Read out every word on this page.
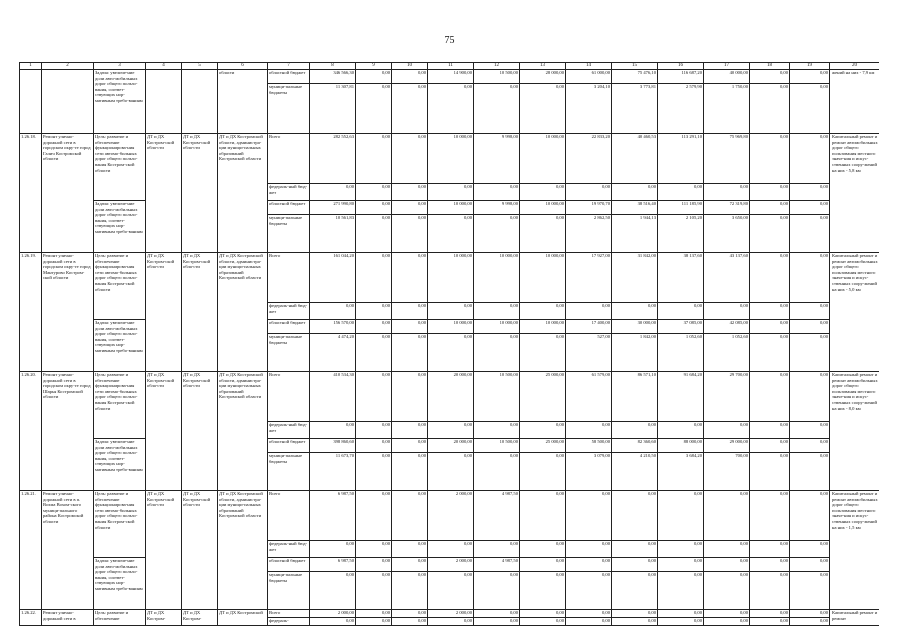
75
1	2	3	4	5	6	7	8	9	10	11	12	13	14	15	16	17	18	19	20
		Задача: увеличе-ние доли авто-мобильных дорог общего пользо-вания, соответ-ствующих нор-мативным требо-ваниям			области	областной бюджет	346 566,30	0,00	0,00	14 900,00	10 500,00	28 000,00	61 000,00	75 476,10	116 687,20	40 000,00	0,00	0,00	жений на них - 7,9 км
						муници-пальные бюджеты	11 307,81	0,00	0,00	0,00	0,00	0,00	3 204,10	3 773,81	2 579,90	1 750,00	0,00	0,00	
1.26.18.	Ремонт улично-дорожной сети в городском окру-ге город Галич Костромской области	Цель: развитие и обеспечение функционирова-ния сети автомо-бильных дорог общего пользо-вания Костром-ской области	ДТ и ДХ Костром-ской обла-сти	ДТ и ДХ Костром-ской обла-сти	ДТ и ДХ Костромской области, администра-ции муници-пальных образований Костромской области	Всего	282 552,63	0,00	0,00	10 000,00	9 998,00	10 000,00	22 833,20	40 460,53	113 291,10	75 969,80	0,00	0,00	Капитальный ремонт и ремонт автомобильных дорог общего пользования местного значе-ния и искус-ственных соору-жений на них - 5,8 км
						федераль-ный бюд-жет	0,00	0,00	0,00	0,00	0,00	0,00	0,00	0,00	0,00	0,00	0,00	0,00	
		Задача: увеличе-ние доли авто-мобильных дорог общего пользо-вания, соответ-ствующих нор-мативным требо-ваниям				областной бюджет	271 990,80	0,00	0,00	10 000,00	9 998,00	10 000,00	19 970,70	38 516,40	111 185,90	72 319,80	0,00	0,00	
						муници-пальные бюджеты	10 561,83	0,00	0,00	0,00	0,00	0,00	2 862,50	1 944,13	2 105,20	3 650,00	0,00	0,00	
1.26.19.	Ремонт улично-дорожной сети в городском окру-ге город Мантурово Костром-ской области	Цель: развитие и обеспечение функционирова-ния сети автомо-бильных дорог общего пользо-вания Костром-ской области	ДТ и ДХ Костром-ской обла-сти	ДТ и ДХ Костром-ской обла-сти	ДТ и ДХ Костромской области, администра-ции муници-пальных образований Костромской области	Всего	161 044,20	0,00	0,00	10 000,00	10 000,00	10 000,00	17 927,00	31 842,00	38 137,60	43 137,60	0,00	0,00	Капитальный ремонт и ремонт автомобильных дорог общего пользования местного значе-ния и искус-ственных соору-жений на них - 5,0 км
						федераль-ный бюд-жет	0,00	0,00	0,00	0,00	0,00	0,00	0,00	0,00	0,00	0,00	0,00	0,00	
		Задача: увеличе-ние доли авто-мобильных дорог общего пользо-вания, соответ-ствующих нор-мативным требо-ваниям				областной бюджет	156 570,00	0,00	0,00	10 000,00	10 000,00	10 000,00	17 400,00	30 000,00	37 085,00	42 085,00	0,00	0,00	
						муници-пальные бюджеты	4 474,20	0,00	0,00	0,00	0,00	0,00	527,00	1 842,00	1 052,60	1 052,60	0,00	0,00	
1.26.20.	Ремонт улично-дорожной сети в городском окру-ге город Шарья Костромской области	Цель: развитие и обеспечение функционирова-ния сети автомо-бильных дорог общего пользо-вания Костром-ской области	ДТ и ДХ Костром-ской обла-сти	ДТ и ДХ Костром-ской обла-сти	ДТ и ДХ Костромской области, администра-ции муници-пальных образований Костромской области	Всего	410 534,30	0,00	0,00	20 000,00	10 500,00	25 000,00	61 579,00	86 571,10	91 684,20	29 700,00	0,00	0,00	Капитальный ремонт и ремонт автомобильных дорог общего пользования местного значе-ния и искус-ственных соору-жений на них - 8,0 км
						федераль-ный бюд-жет	0,00	0,00	0,00	0,00	0,00	0,00	0,00	0,00	0,00	0,00	0,00	0,00	
		Задача: увеличе-ние доли авто-мобильных дорог общего пользо-вания, соответ-ствующих нор-мативным требо-ваниям				областной бюджет	398 860,60	0,00	0,00	20 000,00	10 500,00	25 000,00	58 500,00	82 360,60	88 000,00	29 000,00	0,00	0,00	
						муници-пальные бюджеты	11 673,70	0,00	0,00	0,00	0,00	0,00	3 079,00	4 210,50	3 684,20	700,00	0,00	0,00	
1.26.21.	Ремонт улично-дорожной сети в п. Вохма Вохом-ского муници-пального района Костромской области	Цель: развитие и обеспечение функционирова-ния сети автомо-бильных дорог общего пользо-вания Костром-ской области	ДТ и ДХ Костром-ской обла-сти	ДТ и ДХ Костром-ской обла-сти	ДТ и ДХ Костромской области, администра-ции муници-пальных образований Костромской области	Всего	6 987,50	0,00	0,00	2 000,00	4 987,50	0,00	0,00	0,00	0,00	0,00	0,00	0,00	Капитальный ремонт и ремонт автомобильных дорог общего пользования местного значе-ния и искус-ственных соору-жений на них - 1,5 км
						федераль-ный бюд-жет	0,00	0,00	0,00	0,00	0,00	0,00	0,00	0,00	0,00	0,00	0,00	0,00	
		Задача: увеличе-ние доли авто-мобильных дорог общего пользо-вания, соответ-ствующих нор-мативным требо-ваниям				областной бюджет	6 987,50	0,00	0,00	2 000,00	4 987,50	0,00	0,00	0,00	0,00	0,00	0,00	0,00	
						муници-пальные бюджеты	0,00	0,00	0,00	0,00	0,00	0,00	0,00	0,00	0,00	0,00	0,00	0,00	
1.26.22.	Ремонт улично-дорожной сети в	Цель: развитие и обеспечение	ДТ и ДХ Костром-	ДТ и ДХ Костром-	ДТ и ДХ Костромской	Всего	2 000,00	0,00	0,00	2 000,00	0,00	0,00	0,00	0,00	0,00	0,00	0,00	0,00	Капитальный ремонт и ремонт
						федераль-	0,00	0,00	0,00	0,00	0,00	0,00	0,00	0,00	0,00	0,00	0,00	0,00	
